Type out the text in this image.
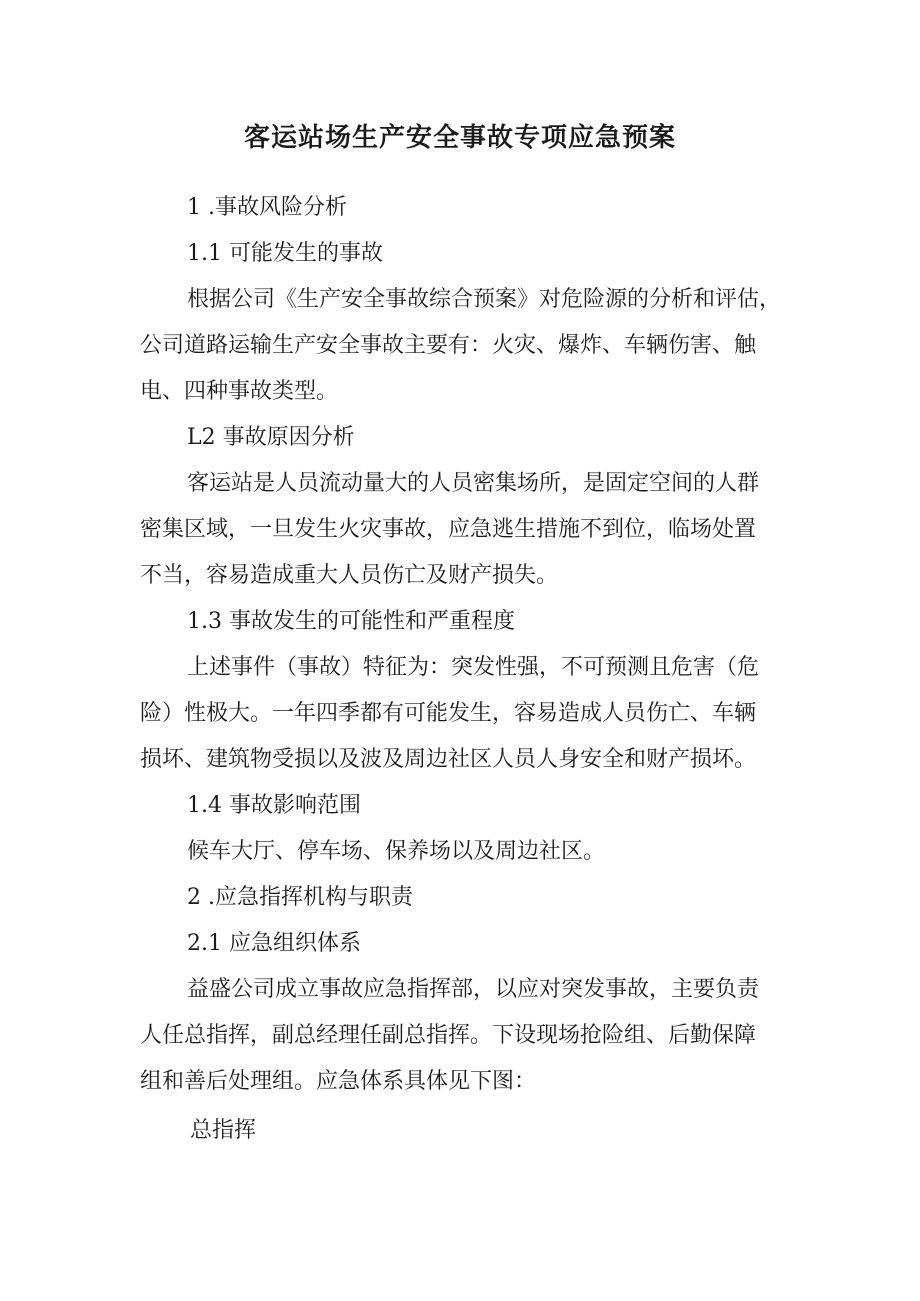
客运站场生产安全事故专项应急预案

1 .事故风险分析

1.1 可能发生的事故

根据公司《生产安全事故综合预案》对危险源的分析和评估，

公司道路运输生产安全事故主要有：火灾、爆炸、车辆伤害、触

电、四种事故类型。

L2 事故原因分析

客运站是人员流动量大的人员密集场所，是固定空间的人群

密集区域，一旦发生火灾事故，应急逃生措施不到位，临场处置

不当，容易造成重大人员伤亡及财产损失。

1.3 事故发生的可能性和严重程度

上述事件（事故）特征为：突发性强，不可预测且危害（危

险）性极大。一年四季都有可能发生，容易造成人员伤亡、车辆

损坏、建筑物受损以及波及周边社区人员人身安全和财产损坏。

1.4 事故影响范围

候车大厅、停车场、保养场以及周边社区。

2 .应急指挥机构与职责

2.1 应急组织体系

益盛公司成立事故应急指挥部，以应对突发事故，主要负责

人任总指挥，副总经理任副总指挥。下设现场抢险组、后勤保障

组和善后处理组。应急体系具体见下图：

总指挥
